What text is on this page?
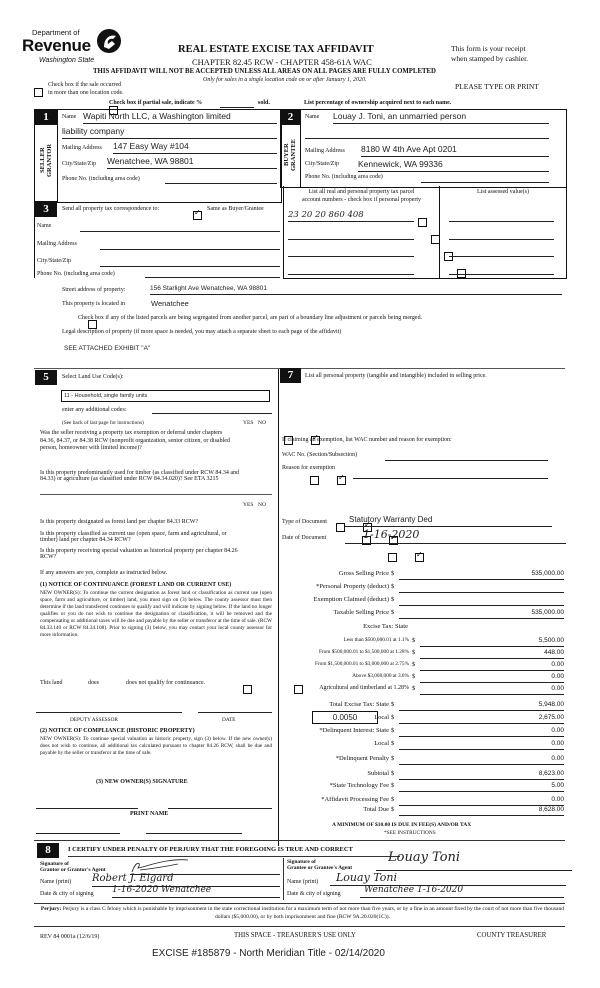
Department of
Revenue
Washington State
REAL ESTATE EXCISE TAX AFFIDAVIT
CHAPTER 82.45 RCW - CHAPTER 458-61A WAC
THIS AFFIDAVIT WILL NOT BE ACCEPTED UNLESS ALL AREAS ON ALL PAGES ARE FULLY COMPLETED
Only for sales in a single location code on or after January 1, 2020.
This form is your receipt
when stamped by cashier.
PLEASE TYPE OR PRINT

Check box if the sale occurred
in more than one location code.

Check box if partial sale, indicate %	sold.	List percentage of ownership acquired next to each name.
1
SELLER
GRANTOR
Name Wapiti North LLC, a Washington limited
liability company
Mailing Address 147 Easy Way #104
City/State/Zip Wenatchee, WA 98801
Phone No. (including area code)
2
BUYER
GRANTEE
Name Louay J. Toni, an unmarried person
Mailing Address 8180 W 4th Ave Apt 0201
City/State/Zip Kennewick, WA 99336
Phone No. (including area code)
3	Send all property tax correspondence to:
✓	Same as Buyer/Grantee
Name
Mailing Address
City/State/Zip
Phone No. (including area code)
List all real and personal property tax parcel
account numbers - check box if personal property
List assessed value(s)
23 20 20 860 408

Street address of property:	156 Starlight Ave Wenatchee, WA 98801
This property is located in	Wenatchee

Check box if any of the listed parcels are being segregated from another parcel, are part of a boundary line adjustment or parcels being merged.
Legal description of property (if more space is needed, you may attach a separate sheet to each page of the affidavit)
SEE ATTACHED EXHIBIT "A"
5	Select Land Use Code(s):
11 - Household, single family units
enter any additional codes:
(See back of last page for instructions)	YES NO
Was the seller receiving a property tax exemption or deferral under chapters 84.36, 84.37, or 84.38 RCW (nonprofit organization, senior citizen, or disabled person, homeowner with limited income)?
✓
Is this property predominantly used for timber (as classified under RCW 84.34 and 84.33) or agriculture (as classified under RCW 84.34.020)? See ETA 3215
✓
YES NO
Is this property designated as forest land per chapter 84.33 RCW?
✓
Is this property classified as current use (open space, farm and agricultural, or timber) land per chapter 84.34 RCW?
✓
Is this property receiving special valuation as historical property per chapter 84.26 RCW?
✓
If any answers are yes, complete as instructed below.
(1) NOTICE OF CONTINUANCE (FOREST LAND OR CURRENT USE)
NEW OWNER(S): To continue the current designation as forest land or classification as current use (open space, farm and agriculture, or timber) land, you must sign on (3) below. The county assessor must then determine if the land transferred continues to qualify and will indicate by signing below. If the land no longer qualifies or you do not wish to continue the designation or classification, it will be removed and the compensating or additional taxes will be due and payable by the seller or transferor at the time of sale. (RCW 84.33.140 or RCW 84.34.108). Prior to signing (3) below, you may contact your local county assessor for more information.
This land
	does	does not qualify for continuance.
DEPUTY ASSESSOR	DATE
(2) NOTICE OF COMPLIANCE (HISTORIC PROPERTY)
NEW OWNER(S): To continue special valuation as historic property, sign (3) below. If the new owner(s) does not wish to continue, all additional tax calculated pursuant to chapter 84.26 RCW, shall be due and payable by the seller or transferor at the time of sale.
(3) NEW OWNER(S) SIGNATURE
PRINT NAME
7	List all personal property (tangible and intangible) included in selling price.
If claiming an exemption, list WAC number and reason for exemption:
WAC No. (Section/Subsection)
Reason for exemption
Type of Document	Statutory Warranty Ded
Date of Document	1-16-2020
Gross Selling Price $	535,000.00
*Personal Property (deduct) $
Exemption Claimed (deduct) $
Taxable Selling Price $	535,000.00
Excise Tax: State
Less than $500,000.01 at 1.1% $	5,500.00
From $500,000.01 to $1,500,000 at 1.28% $	448.00
From $1,500,000.01 to $3,000,000 at 2.75% $	0.00
Above $3,000,000 at 3.0% $	0.00
Agricultural and timberland at 1.28% $	0.00
Total Excise Tax: State $	5,948.00
0.0050	Local $	2,675.00
*Delinquent Interest: State $	0.00
Local $	0.00
*Delinquent Penalty $	0.00
Subtotal $	8,623.00
*State Technology Fee $	5.00
*Affidavit Processing Fee $	0.00
Total Due $	8,628.00
A MINIMUM OF $10.00 IS DUE IN FEE(S) AND/OR TAX
*SEE INSTRUCTIONS
8	I CERTIFY UNDER PENALTY OF PERJURY THAT THE FOREGOING IS TRUE AND CORRECT
Signature of
Grantor or Grantor's Agent
Name (print) Robert J. Elgard
Date & city of signing 1-16-2020 Wenatchee
Signature of
Grantee or Grantee's Agent
Louay Toni
Name (print)	Louay Toni
Date & city of signing	Wenatchee 1-16-2020
Perjury: Perjury is a class C felony which is punishable by imprisonment in the state correctional institution for a maximum term of not more than five years, or by a fine in an amount fixed by the court of not more than five thousand dollars ($5,000.00), or by both imprisonment and fine (RCW 9A.20.020(1C)).
REV 84 0001a (12/6/19)	THIS SPACE - TREASURER'S USE ONLY	COUNTY TREASURER
EXCISE #185879 - North Meridian Title - 02/14/2020
